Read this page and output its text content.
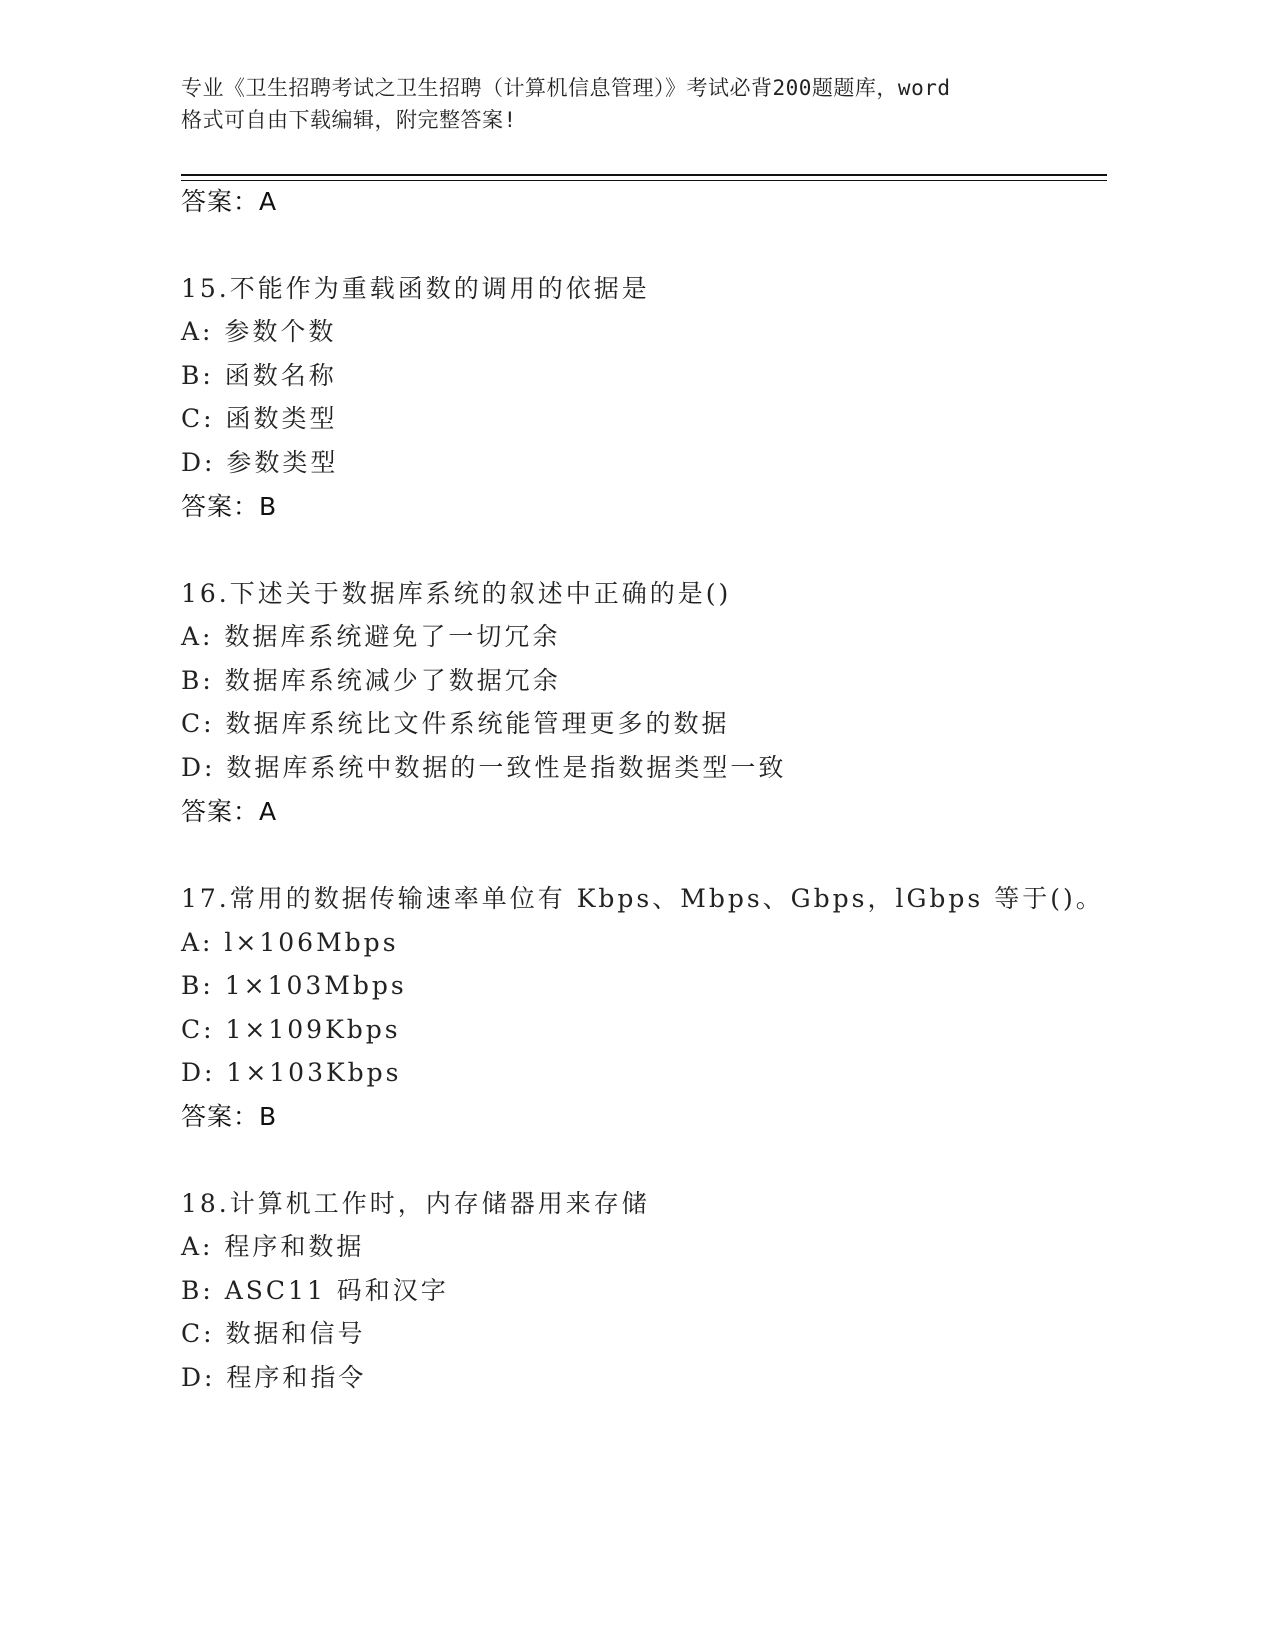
专业《卫生招聘考试之卫生招聘（计算机信息管理）》考试必背200题题库，word
格式可自由下载编辑，附完整答案!
答案：A
15.不能作为重载函数的调用的依据是
A: 参数个数
B: 函数名称
C: 函数类型
D: 参数类型
答案：B
16.下述关于数据库系统的叙述中正确的是()
A: 数据库系统避免了一切冗余
B: 数据库系统减少了数据冗余
C: 数据库系统比文件系统能管理更多的数据
D: 数据库系统中数据的一致性是指数据类型一致
答案：A
17.常用的数据传输速率单位有 Kbps、Mbps、Gbps，lGbps 等于()。
A: l×106Mbps
B: 1×103Mbps
C: 1×109Kbps
D: 1×103Kbps
答案：B
18.计算机工作时，内存储器用来存储
A: 程序和数据
B: ASC11 码和汉字
C: 数据和信号
D: 程序和指令
